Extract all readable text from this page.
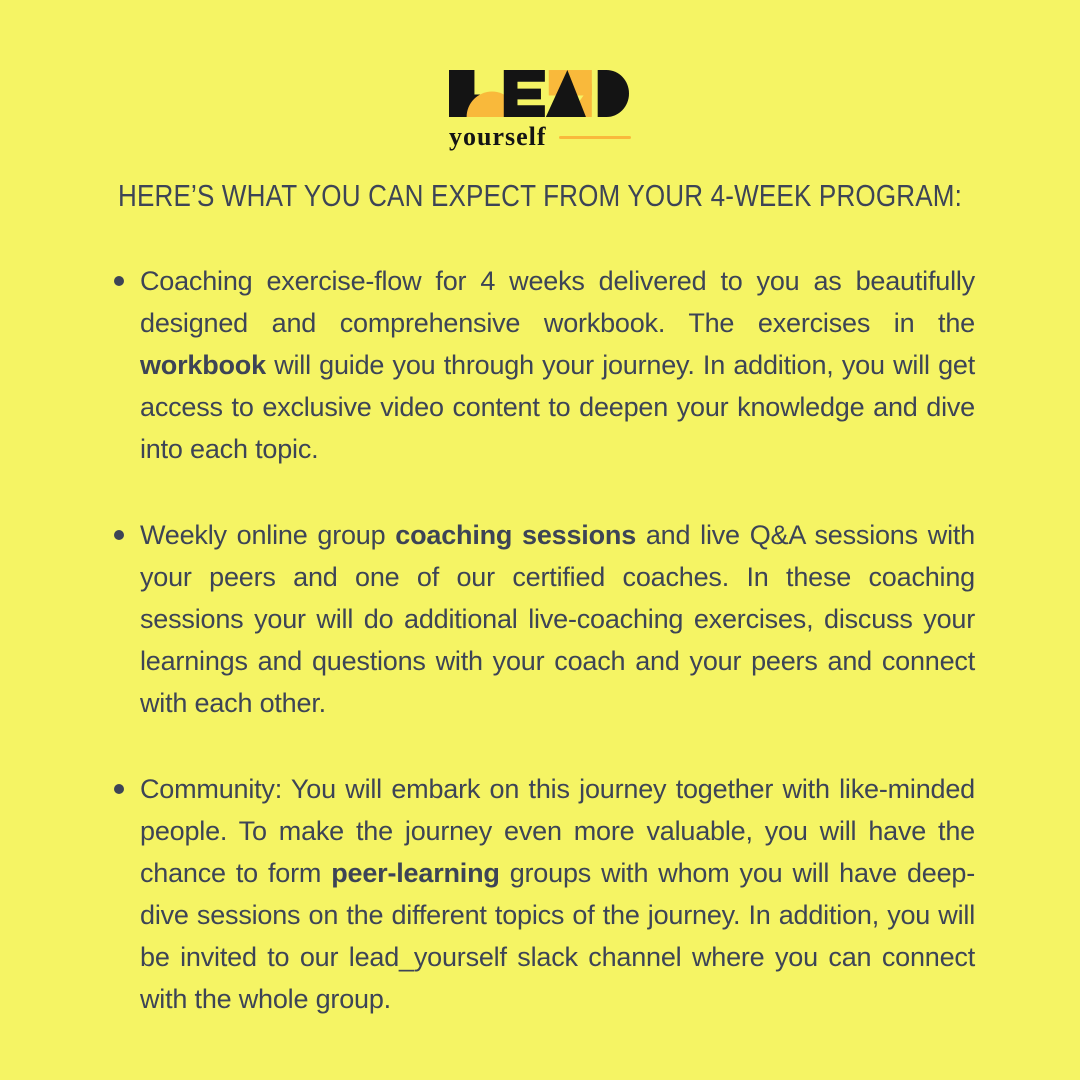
yourself
HERE’S WHAT YOU CAN EXPECT FROM YOUR 4-WEEK PROGRAM:
Coaching exercise-flow for 4 weeks delivered to you as beautifully designed and comprehensive workbook. The exercises in the workbook will guide you through your journey. In addition, you will get access to exclusive video content to deepen your knowledge and dive into each topic.
Weekly online group coaching sessions and live Q&A sessions with your peers and one of our certified coaches. In these coaching sessions your will do additional live-coaching exercises, discuss your learnings and questions with your coach and your peers and connect with each other.
Community: You will embark on this journey together with like-minded people. To make the journey even more valuable, you will have the chance to form peer-learning groups with whom you will have deep-dive sessions on the different topics of the journey. In addition, you will be invited to our lead_yourself slack channel where you can connect with the whole group.
